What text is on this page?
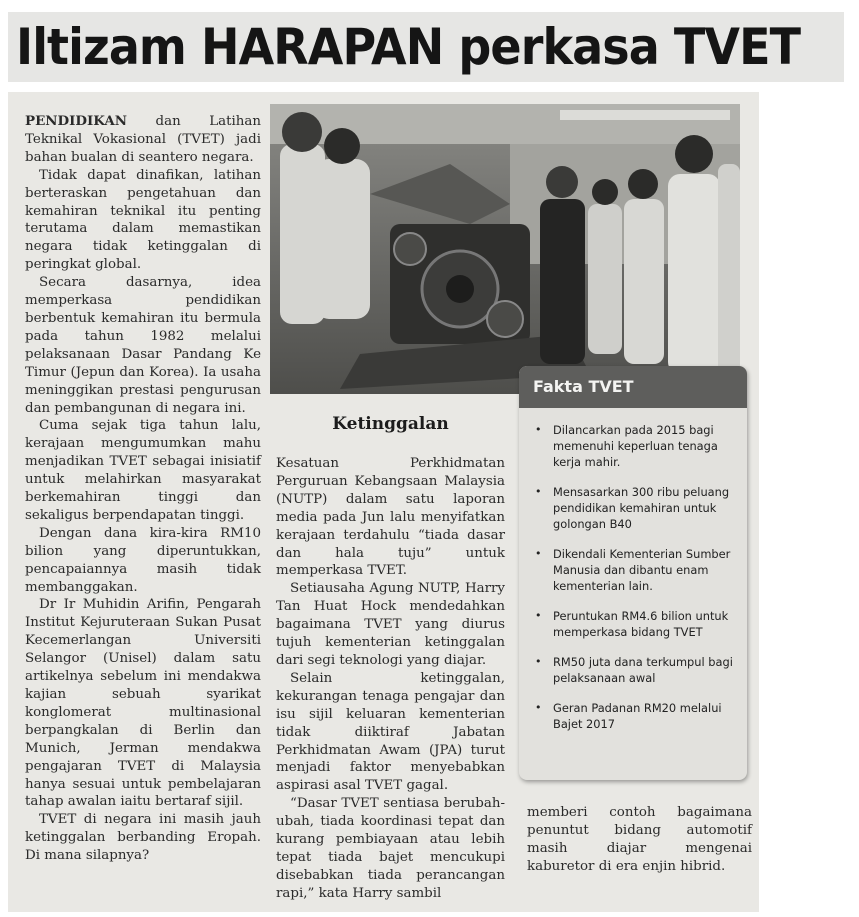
Iltizam HARAPAN perkasa TVET

PENDIDIKAN dan Latihan Teknikal Vokasional (TVET) jadi bahan bualan di seantero negara.

Tidak dapat dinafikan, latihan berteraskan pengetahuan dan kemahiran teknikal itu penting terutama dalam memastikan negara tidak ketinggalan di peringkat global.

Secara dasarnya, idea memperkasa pendidikan berbentuk kemahiran itu bermula pada tahun 1982 melalui pelaksanaan Dasar Pandang Ke Timur (Jepun dan Korea). Ia usaha meninggikan prestasi pengurusan dan pembangunan di negara ini.

Cuma sejak tiga tahun lalu, kerajaan mengumumkan mahu menjadikan TVET sebagai inisiatif untuk melahirkan masyarakat berkemahiran tinggi dan sekaligus berpendapatan tinggi.

Dengan dana kira-kira RM10 bilion yang diperuntukkan, pencapaiannya masih tidak membanggakan.

Dr Ir Muhidin Arifin, Pengarah Institut Kejuruteraan Sukan Pusat Kecemerlangan Universiti Selangor (Unisel) dalam satu artikelnya sebelum ini mendakwa kajian sebuah syarikat konglomerat multinasional berpangkalan di Berlin dan Munich, Jerman mendakwa pengajaran TVET di Malaysia hanya sesuai untuk pembelajaran tahap awalan iaitu bertaraf sijil.

TVET di negara ini masih jauh ketinggalan berbanding Eropah. Di mana silapnya?

Ketinggalan

Kesatuan Perkhidmatan Perguruan Kebangsaan Malaysia (NUTP) dalam satu laporan media pada Jun lalu menyifatkan kerajaan terdahulu “tiada dasar dan hala tuju” untuk memperkasa TVET.

Setiausaha Agung NUTP, Harry Tan Huat Hock mendedahkan bagaimana TVET yang diurus tujuh kementerian ketinggalan dari segi teknologi yang diajar.

Selain ketinggalan, kekurangan tenaga pengajar dan isu sijil keluaran kementerian tidak diiktiraf Jabatan Perkhidmatan Awam (JPA) turut menjadi faktor menyebabkan aspirasi asal TVET gagal.

“Dasar TVET sentiasa berubah-ubah, tiada koordinasi tepat dan kurang pembiayaan atau lebih tepat tiada bajet mencukupi disebabkan tiada perancangan rapi,” kata Harry sambil

Fakta TVET
• Dilancarkan pada 2015 bagi memenuhi keperluan tenaga kerja mahir.
• Mensasarkan 300 ribu peluang pendidikan kemahiran untuk golongan B40
• Dikendali Kementerian Sumber Manusia dan dibantu enam kementerian lain.
• Peruntukan RM4.6 bilion untuk memperkasa bidang TVET
• RM50 juta dana terkumpul bagi pelaksanaan awal
• Geran Padanan RM20 melalui Bajet 2017

memberi contoh bagaimana penuntut bidang automotif masih diajar mengenai kaburetor di era enjin hibrid.
